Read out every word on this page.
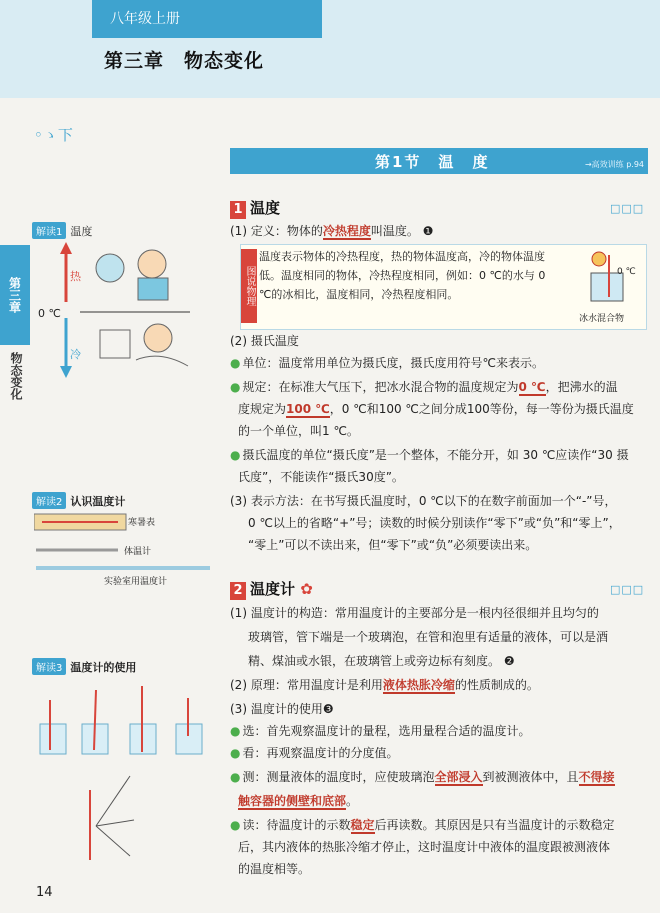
八年级上册
第三章　物态变化
◦ゝ下
第三章
物态变化
解读1 温度
热
0 ℃
冷
解读2 认识温度计
寒暑表
体温计
实验室用温度计
解读3 温度计的使用
第1节　温　度	→高效训练 p.94
1 温度	□□□
(1) 定义：物体的冷热程度叫温度。 ❶
图说物理
温度表示物体的冷热程度，热的物体温度高，冷的物体温度低。温度相同的物体，冷热程度相同，例如：0 ℃的水与 0 ℃的冰相比，温度相同，冷热程度相同。
0 ℃
冰水混合物
(2) 摄氏温度
● 单位：温度常用单位为摄氏度，摄氏度用符号℃来表示。
● 规定：在标准大气压下，把冰水混合物的温度规定为0 ℃，把沸水的温
度规定为100 ℃，0 ℃和100 ℃之间分成100等份，每一等份为摄氏温度
的一个单位，叫1 ℃。
● 摄氏温度的单位“摄氏度”是一个整体，不能分开，如 30 ℃应读作“30 摄
氏度”，不能读作“摄氏30度”。
(3) 表示方法：在书写摄氏温度时，0 ℃以下的在数字前面加一个“-”号，
0 ℃以上的省略“+”号；读数的时候分别读作“零下”或“负”和“零上”，
“零上”可以不读出来，但“零下”或“负”必须要读出来。
2 温度计 ✿	□□□
(1) 温度计的构造：常用温度计的主要部分是一根内径很细并且均匀的
玻璃管，管下端是一个玻璃泡，在管和泡里有适量的液体，可以是酒
精、煤油或水银，在玻璃管上或旁边标有刻度。 ❷
(2) 原理：常用温度计是利用液体热胀冷缩的性质制成的。
(3) 温度计的使用❸
● 选：首先观察温度计的量程，选用量程合适的温度计。
● 看：再观察温度计的分度值。
● 测：测量液体的温度时，应使玻璃泡全部浸入到被测液体中，且不得接
触容器的侧壁和底部。
● 读：待温度计的示数稳定后再读数。其原因是只有当温度计的示数稳定
后，其内液体的热胀冷缩才停止，这时温度计中液体的温度跟被测液体
的温度相等。
14
